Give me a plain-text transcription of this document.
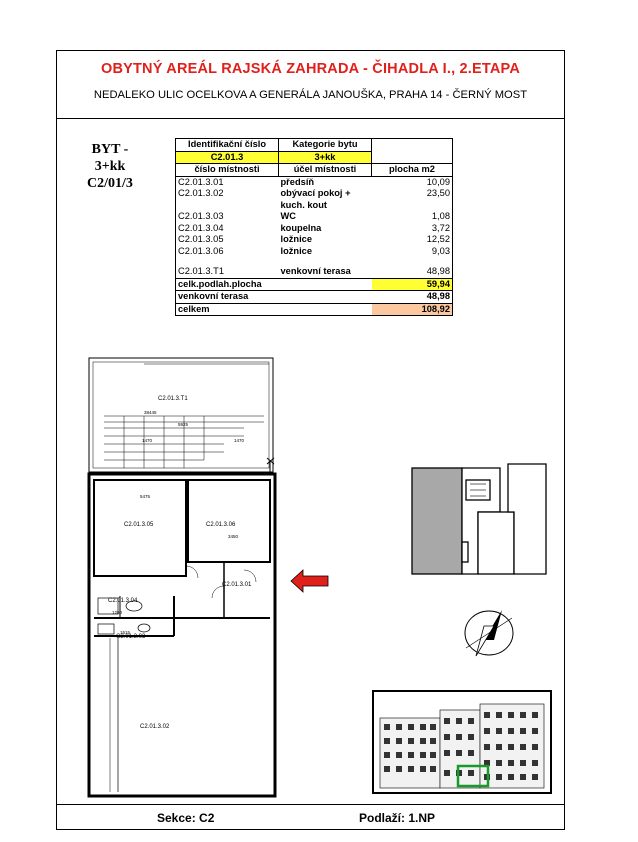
OBYTNÝ AREÁL RAJSKÁ ZAHRADA - ČIHADLA I., 2.ETAPA
NEDALEKO ULIC OCELKOVA A GENERÁLA JANOUŠKA, PRAHA 14 - ČERNÝ MOST
BYT - 3+kk
C2/01/3
Identifikační číslo	Kategorie bytu	
C2.01.3	3+kk	
číslo místnosti	účel místnosti	plocha m2
C2.01.3.01	předsíň	10,09
C2.01.3.02	obývací pokoj +	23,50
	kuch. kout	
C2.01.3.03	WC	1,08
C2.01.3.04	koupelna	3,72
C2.01.3.05	ložnice	12,52
C2.01.3.06	ložnice	9,03

C2.01.3.T1	venkovní terasa	48,98
celk.podlah.plocha		59,94
venkovní terasa		48,98
celkem		108,92
Sekce: C2	Podlaží: 1.NP
C2.01.3.T1
38445
5925
1470	1470
5475
C2.01.3.05	C2.01.3.06
3450
C2.01.3.01
C2.01.3.04
1250
1515
C2.01.3.03
C2.01.3.02
